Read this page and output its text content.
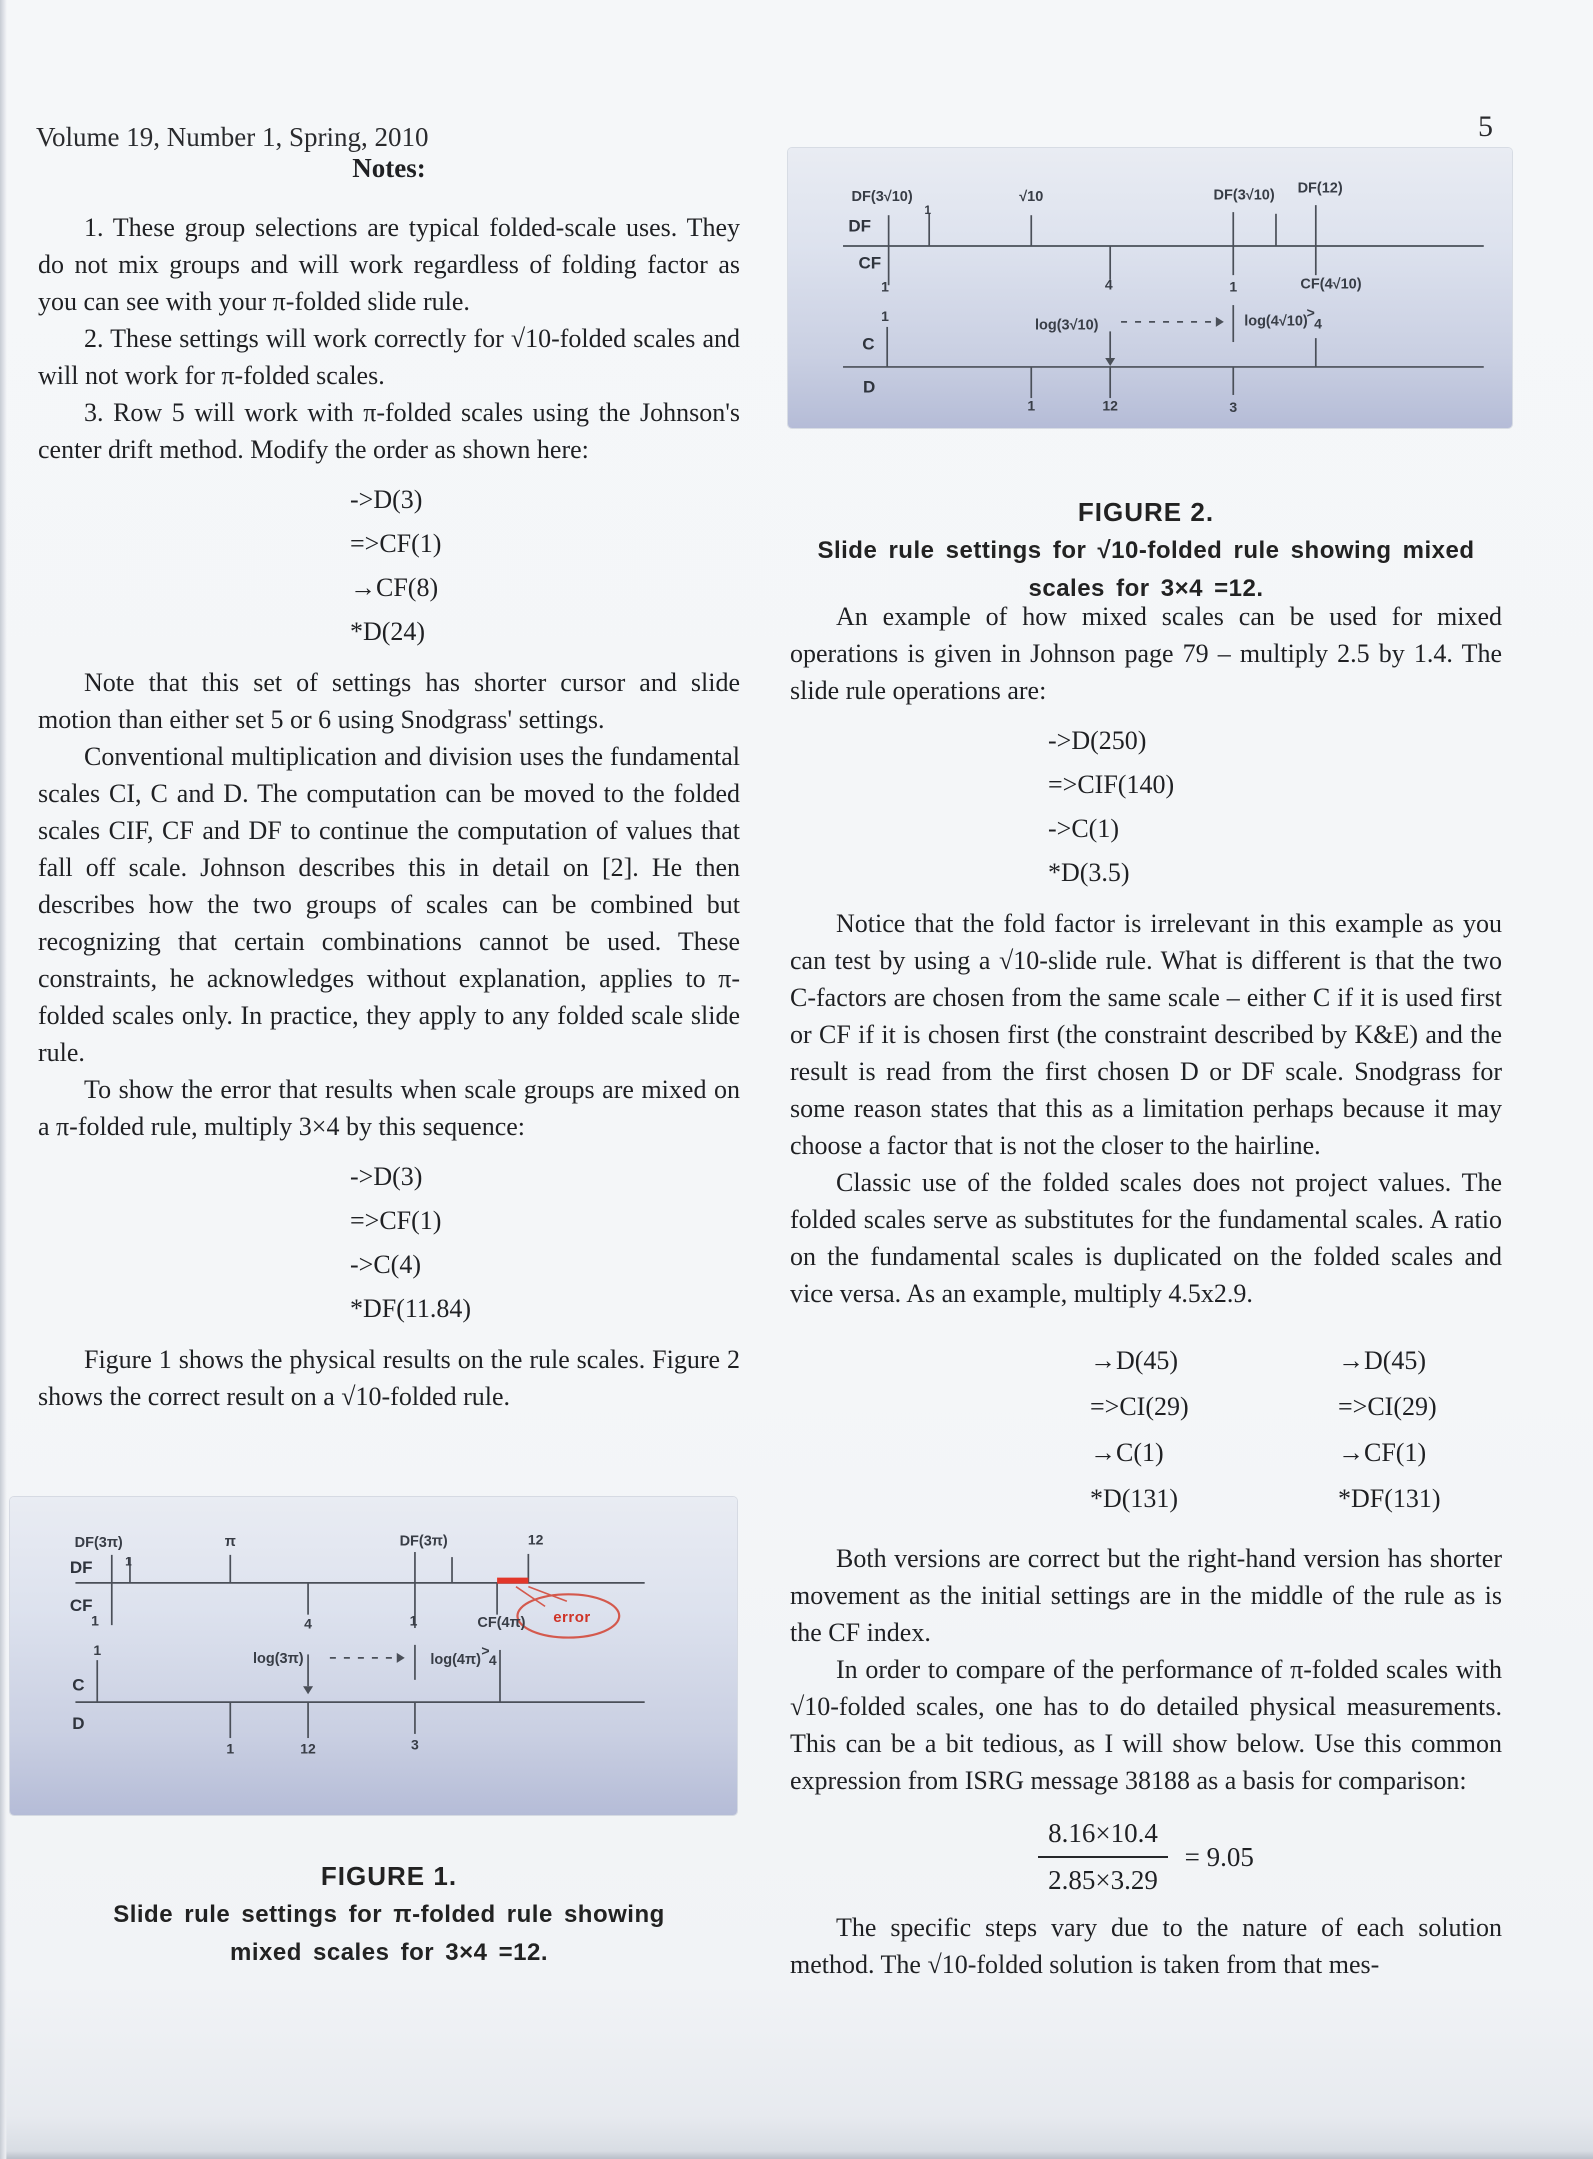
Volume 19, Number 1, Spring, 2010	5

Notes:

1. These group selections are typical folded-scale uses. They do not mix groups and will work regardless of folding factor as you can see with your π-folded slide rule.

2. These settings will work correctly for √10-folded scales and will not work for π-folded scales.

3. Row 5 will work with π-folded scales using the Johnson's center drift method. Modify the order as shown here:

->D(3)
=>CF(1)
→CF(8)
*D(24)

Note that this set of settings has shorter cursor and slide motion than either set 5 or 6 using Snodgrass' settings.

Conventional multiplication and division uses the fundamental scales CI, C and D. The computation can be moved to the folded scales CIF, CF and DF to continue the computation of values that fall off scale. Johnson describes this in detail on [2]. He then describes how the two groups of scales can be combined but recognizing that certain combinations cannot be used. These constraints, he acknowledges without explanation, applies to π-folded scales only. In practice, they apply to any folded scale slide rule.

To show the error that results when scale groups are mixed on a π-folded rule, multiply 3×4 by this sequence:

->D(3)
=>CF(1)
->C(4)
*DF(11.84)

Figure 1 shows the physical results on the rule scales. Figure 2 shows the correct result on a √10-folded rule.

DF(3π)
1
DF
CF
π	DF(3π)	12
1	4	1	CF(4π)
1
C
D
log(3π)	log(4π)
>
4
1	12	3
error
FIGURE 1.
Slide rule settings for π-folded rule showing
mixed scales for 3×4 =12.
DF(3√10)
1
DF
CF
√10	DF(3√10) DF(12)
1	4	1	CF(4√10)
1
C
D
log(3√10)	log(4√10)
>
4
1	12	3
FIGURE 2.
Slide rule settings for √10-folded rule showing mixed
scales for 3×4 =12.

An example of how mixed scales can be used for mixed operations is given in Johnson page 79 – multiply 2.5 by 1.4. The slide rule operations are:

->D(250)
=>CIF(140)
->C(1)
*D(3.5)

Notice that the fold factor is irrelevant in this example as you can test by using a √10-slide rule. What is different is that the two C-factors are chosen from the same scale – either C if it is used first or CF if it is chosen first (the constraint described by K&E) and the result is read from the first chosen D or DF scale. Snodgrass for some reason states that this as a limitation perhaps because it may choose a factor that is not the closer to the hairline.

Classic use of the folded scales does not project values. The folded scales serve as substitutes for the fundamental scales. A ratio on the fundamental scales is duplicated on the folded scales and vice versa. As an example, multiply 4.5x2.9.

→D(45)	→D(45)
=>CI(29)	=>CI(29)
→C(1)	→CF(1)
*D(131)	*DF(131)

Both versions are correct but the right-hand version has shorter movement as the initial settings are in the middle of the rule as is the CF index.

In order to compare of the performance of π-folded scales with √10-folded scales, one has to do detailed physical measurements. This can be a bit tedious, as I will show below. Use this common expression from ISRG message 38188 as a basis for comparison:

$\frac{8.16\times 10.4}{2.85\times 3.29} = 9.05$

The specific steps vary due to the nature of each solution method. The √10-folded solution is taken from that mes-
